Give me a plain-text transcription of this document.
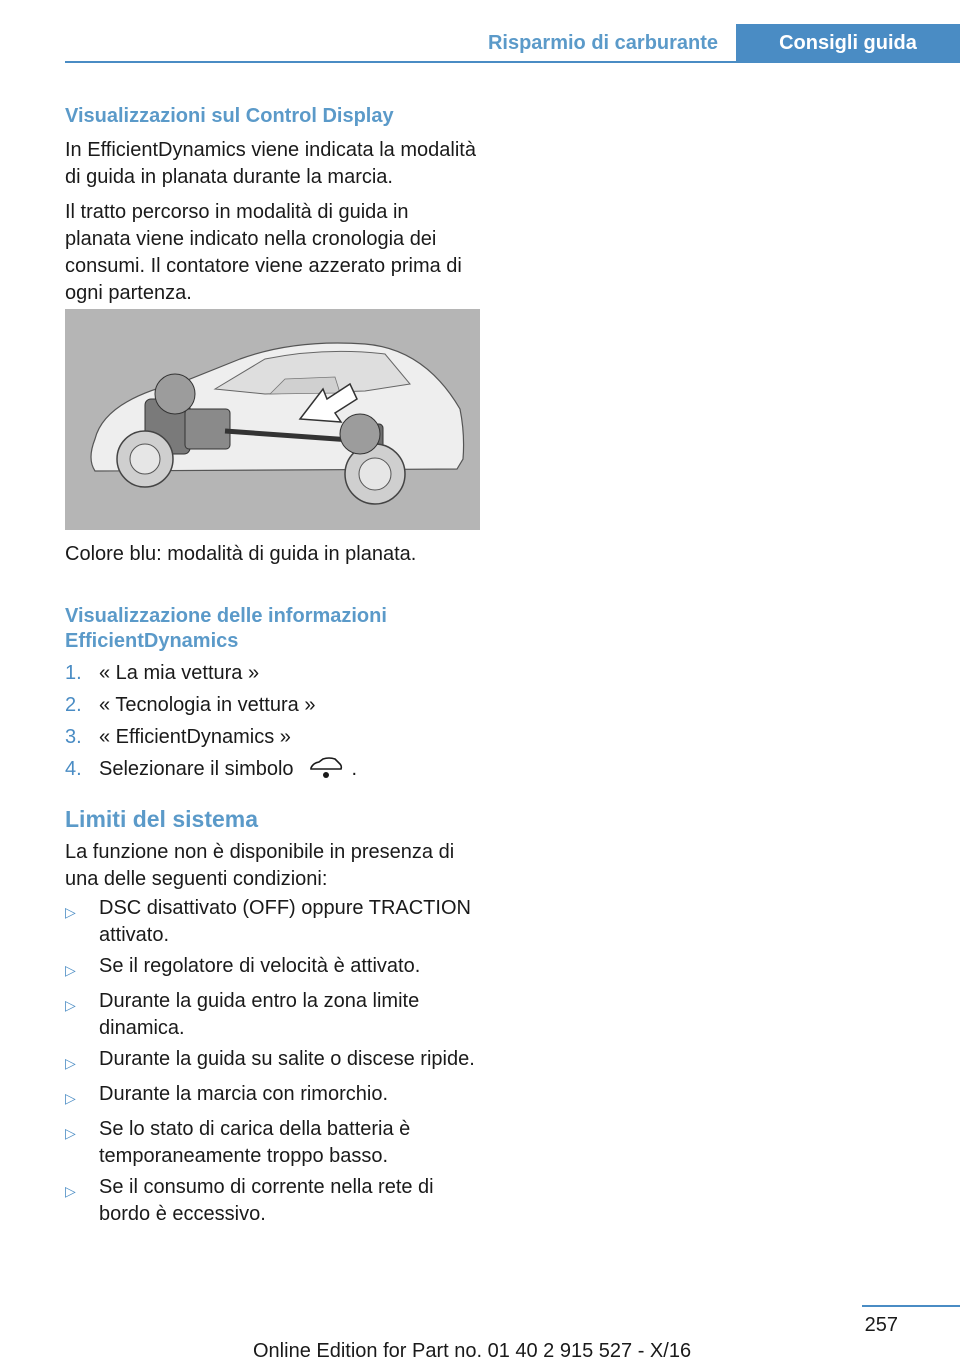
Risparmio di carburante	Consigli guida
Visualizzazioni sul Control Display

In EfficientDynamics viene indicata la modalità di guida in planata durante la marcia.

Il tratto percorso in modalità di guida in planata viene indicato nella cronologia dei consumi. Il contatore viene azzerato prima di ogni partenza.

Colore blu: modalità di guida in planata.

Visualizzazione delle informazioni EfficientDynamics
1. « La mia vettura »
2. « Tecnologia in vettura »
3. « EfficientDynamics »
4. Selezionare il simbolo	.
Limiti del sistema

La funzione non è disponibile in presenza di una delle seguenti condizioni:

▷	DSC disattivato (OFF) oppure TRACTION attivato.
▷	Se il regolatore di velocità è attivato.
▷	Durante la guida entro la zona limite dinamica.
▷	Durante la guida su salite o discese ripide.
▷	Durante la marcia con rimorchio.
▷	Se lo stato di carica della batteria è temporaneamente troppo basso.
▷	Se il consumo di corrente nella rete di bordo è eccessivo.
257
Online Edition for Part no. 01 40 2 915 527 - X/16
